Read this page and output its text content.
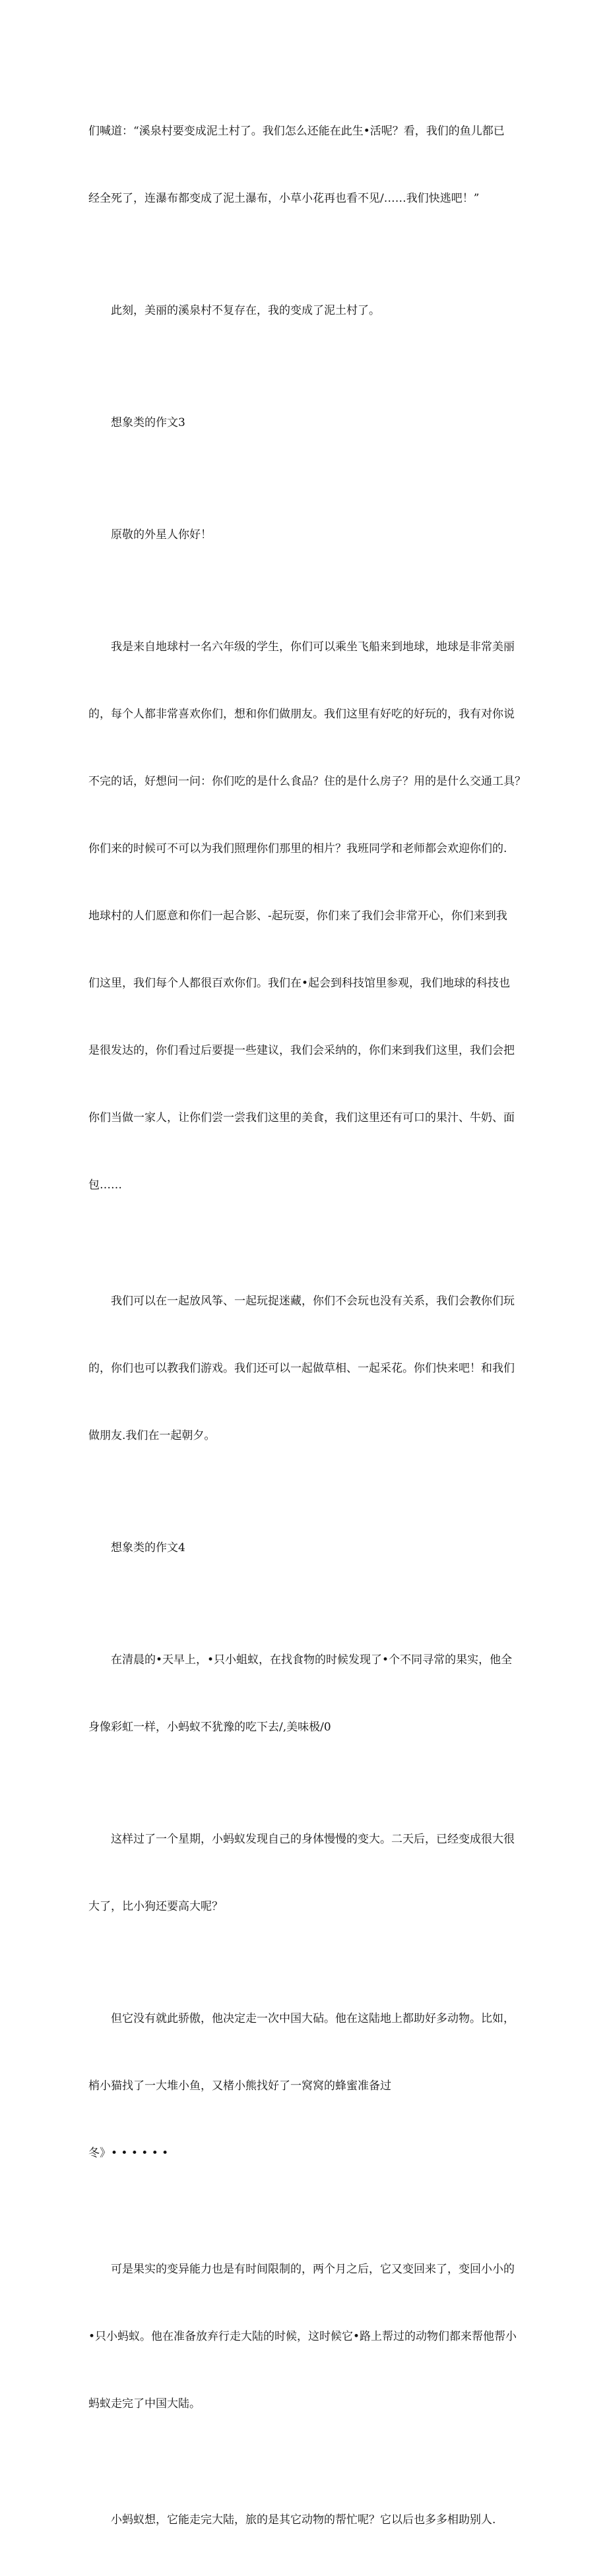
们喊道：“溪泉村要变成泥土村了。我们怎么还能在此生•活呢？看，我们的鱼儿都已

经全死了，连瀑布都变成了泥土瀑布，小草小花再也看不见/……我们快逃吧！”

此刻，美丽的溪泉村不复存在，我的变成了泥土村了。

想象类的作文3

原敬的外星人你好！

我是来自地球村一名六年级的学生，你们可以乘坐飞船来到地球，地球是非常美丽

的，每个人都非常喜欢你们，想和你们做朋友。我们这里有好吃的好玩的，我有对你说

不完的话，好想问一问：你们吃的是什么食品？住的是什么房子？用的是什么交通工具？

你们来的时候可不可以为我们照理你们那里的相片？我班同学和老师都会欢迎你们的.

地球村的人们愿意和你们一起合影、-起玩耍，你们来了我们会非常开心，你们来到我

们这里，我们每个人都很百欢你们。我们在•起会到科技馆里参观，我们地球的科技也

是很发达的，你们看过后要提一些建议，我们会采纳的，你们来到我们这里，我们会把

你们当做一家人，让你们尝一尝我们这里的美食，我们这里还有可口的果汁、牛奶、面

包……

我们可以在一起放风筝、一起玩捉迷藏，你们不会玩也没有关系，我们会教你们玩

的，你们也可以教我们游戏。我们还可以一起做草相、一起采花。你们快来吧！和我们

做朋友.我们在一起朝夕。

想象类的作文4

在清晨的•天早上，•只小蛆蚁，在找食物的时候发现了•个不同寻常的果实，他全

身像彩虹一样，小蚂蚁不犹豫的吃下去/,美味极/0

这样过了一个星期，小蚂蚁发现自己的身体慢慢的变大。二天后，已经变成很大很

大了，比小狗还要高大呢？

但它没有就此骄傲，他决定走一次中国大砧。他在这陆地上都助好多动物。比如，

梢小猫找了一大堆小鱼，又楮小熊找好了一窝窝的蜂蜜准备过

冬》• • • • • •

可是果实的变异能力也是有时间限制的，两个月之后，它又变回来了，变回小小的

•只小蚂蚁。他在准备放弃行走大陆的时候，这时候它•路上帮过的动物们都来帮他帮小

蚂蚁走完了中国大陆。

小蚂蚁想，它能走完大陆，旅的是其它动物的帮忙呢？它以后也多多相助别人.
